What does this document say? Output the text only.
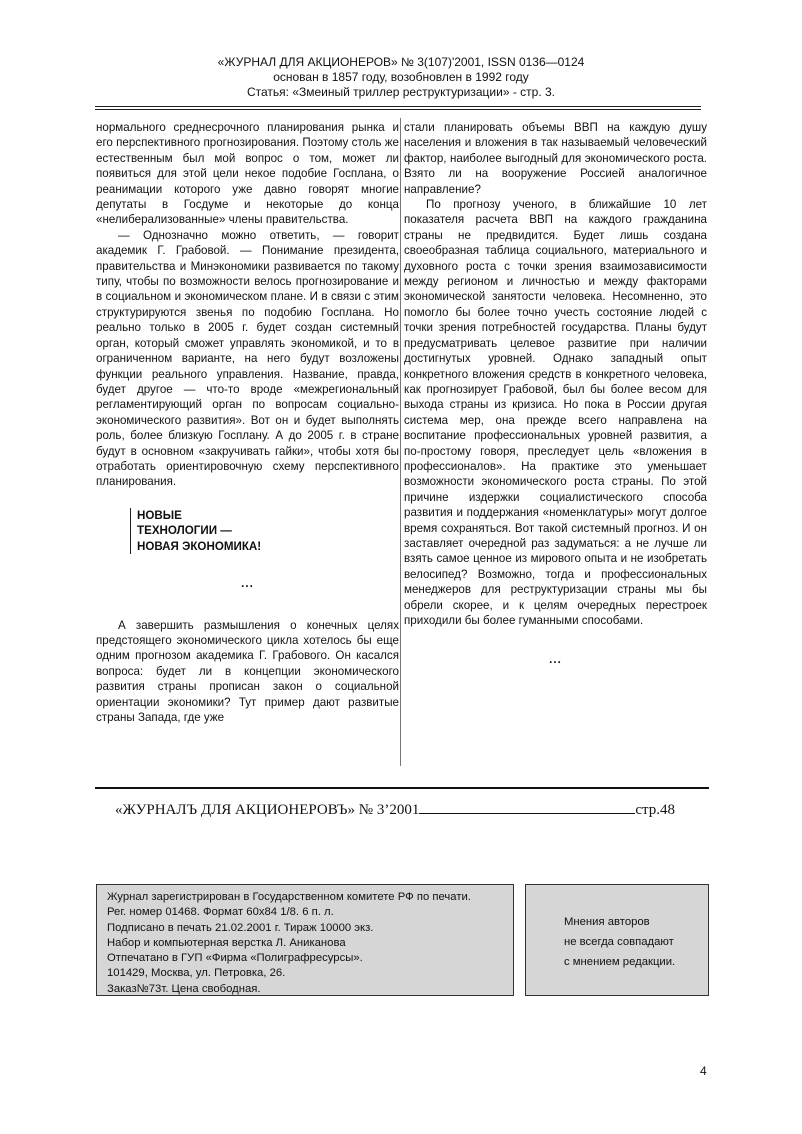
«ЖУРНАЛ ДЛЯ АКЦИОНЕРОВ» № 3(107)'2001, ISSN 0136—0124
основан в 1857 году, возобновлен в 1992 году
Статья: «Змеиный триллер реструктуризации» - стр. 3.

нормального среднесрочного планирования рынка и его перспективного прогнозирования. Поэтому столь же естественным был мой вопрос о том, может ли появиться для этой цели некое подобие Госплана, о реанимации которого уже давно говорят многие депутаты в Госдуме и некоторые до конца «нелиберализованные» члены правительства.

— Однозначно можно ответить, — говорит академик Г. Грабовой. — Понимание президента, правительства и Минэкономики развивается по такому типу, чтобы по возможности велось прогнозирование и в социальном и экономическом плане. И в связи с этим структурируются звенья по подобию Госплана. Но реально только в 2005 г. будет создан системный орган, который сможет управлять экономикой, и то в ограниченном варианте, на него будут возложены функции реального управления. Название, правда, будет другое — что-то вроде «межрегиональный регламентирующий орган по вопросам социально-экономического развития». Вот он и будет выполнять роль, более близкую Госплану. А до 2005 г. в стране будут в основном «закручивать гайки», чтобы хотя бы отработать ориентировочную схему перспективного планирования.

НОВЫЕ
ТЕХНОЛОГИИ —
НОВАЯ ЭКОНОМИКА!
...

А завершить размышления о конечных целях предстоящего экономического цикла хотелось бы еще одним прогнозом академика Г. Грабового. Он касался вопроса: будет ли в концепции экономического развития страны прописан закон о социальной ориентации экономики? Тут пример дают развитые страны Запада, где уже

стали планировать объемы ВВП на каждую душу населения и вложения в так называемый человеческий фактор, наиболее выгодный для экономического роста. Взято ли на вооружение Россией аналогичное направление?

По прогнозу ученого, в ближайшие 10 лет показателя расчета ВВП на каждого гражданина страны не предвидится. Будет лишь создана своеобразная таблица социального, материального и духовного роста с точки зрения взаимозависимости между регионом и личностью и между факторами экономической занятости человека. Несомненно, это помогло бы более точно учесть состояние людей с точки зрения потребностей государства. Планы будут предусматривать целевое развитие при наличии достигнутых уровней. Однако западный опыт конкретного вложения средств в конкретного человека, как прогнозирует Грабовой, был бы более весом для выхода страны из кризиса. Но пока в России другая система мер, она прежде всего направлена на воспитание профессиональных уровней развития, а по-простому говоря, преследует цель «вложения в профессионалов». На практике это уменьшает возможности экономического роста страны. По этой причине издержки социалистического способа развития и поддержания «номенклатуры» могут долгое время сохраняться. Вот такой системный прогноз. И он заставляет очередной раз задуматься: а не лучше ли взять самое ценное из мирового опыта и не изобретать велосипед? Возможно, тогда и профессиональных менеджеров для реструктуризации страны мы бы обрели скорее, и к целям очередных перестроек приходили бы более гуманными способами.

...
«ЖУРНАЛЪ ДЛЯ АКЦИОНЕРОВЪ» № 3’2001	стр.48
Журнал зарегистрирован в Государственном комитете РФ по печати.
Рег. номер 01468. Формат 60х84 1/8. 6 п. л.
Подписано в печать 21.02.2001 г. Тираж 10000 экз.
Набор и компьютерная верстка Л. Аниканова
Отпечатано в ГУП «Фирма «Полиграфресурсы».
101429, Москва, ул. Петровка, 26.
Заказ№73т. Цена свободная.
Мнения авторов
не всегда совпадают
с мнением редакции.
4
